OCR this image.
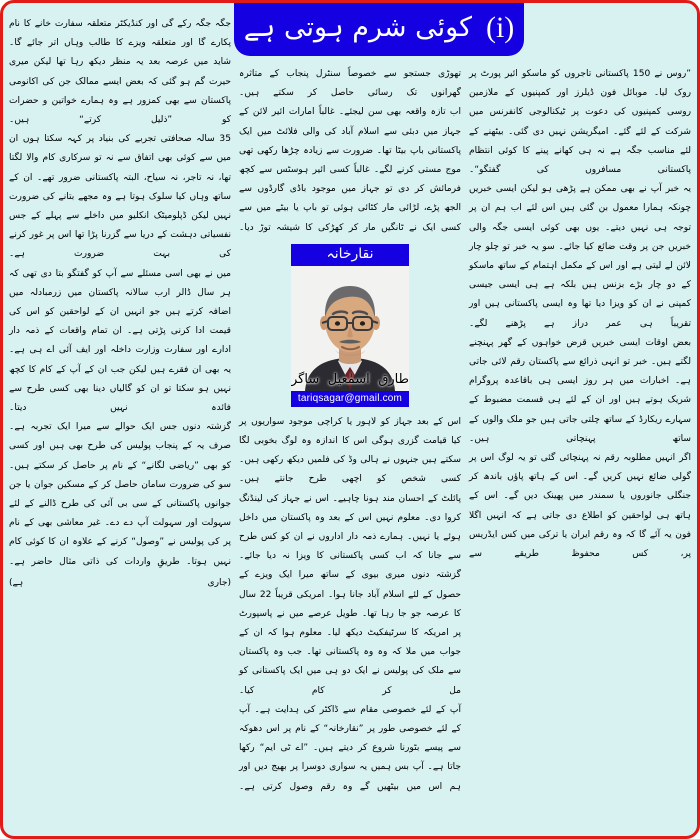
(i)
کوئی شرم ہوتی ہے

”روس نے 150 پاکستانی تاجروں کو ماسکو ائیر پورٹ پر روک لیا۔ موبائل فون ڈیلرز اور کمپنیوں کے ملازمین روسی کمپنیوں کی دعوت پر ٹیکنالوجی کانفرنس میں شرکت کے لئے گئے۔ امیگریشن نہیں دی گئی۔ بیٹھنے کے لئے مناسب جگہ ہے نہ ہی کھانے پینے کا کوئی انتظام پاکستانی مسافروں کی گفتگو“۔

یہ خبر آپ نے بھی ممکن ہے پڑھی ہو لیکن ایسی خبریں چونکہ ہمارا معمول بن گئی ہیں اس لئے اب ہم ان پر توجہ ہی نہیں دیتے۔ یوں بھی کوئی ایسی جگہ والی خبریں جن پر وقت ضائع کیا جائے۔ سو یہ خبر تو چلو چار لائن لے لیتی ہے اور اس کے مکمل اہتمام کے ساتھ ماسکو کے دو چار بڑے بزنس ہیں بلکہ ہے ہی ایسی جیسی کمپنی نے ان کو ویزا دیا تھا وہ ایسی پاکستانی ہیں اور تقریباً ہی عمر دراز ہے پڑھنے لگے۔

بعض اوقات ایسی خبریں قرض خواہوں کے گھر پہنچنے لگتے ہیں۔ خبر تو انہی ذرائع سے پاکستان رقم لائی جاتی ہے۔ اخبارات میں ہر روز ایسی ہی باقاعدہ پروگرام شریک ہوتے ہیں اور ان کے لئے ہی قسمت مضبوط کے سہارے ریکارڈ کے ساتھ چلتی جاتی ہیں جو ملک والوں کے ساتھ پہنچاتی ہیں۔

اگر انہیں مطلوبہ رقم نہ پہنچائی گئی تو یہ لوگ اس پر گولی ضائع نہیں کریں گے۔ اس کے ہاتھ پاؤں باندھ کر جنگلی جانوروں یا سمندر میں پھینک دیں گے۔ اس کے ہاتھ ہی لواحقین کو اطلاع دی جاتی ہے کہ انہیں اگلا فون یہ آئے گا کہ وہ رقم ایران یا ترکی میں کس ایڈریس پر، کس محفوظ طریقے سے

تھوڑی جستجو سے خصوصاً سنٹرل پنجاب کے متاثرہ گھرانوں تک رسائی حاصل کر سکتے ہیں۔

اب تازہ واقعہ بھی سن لیجئے۔ غالباً امارات ائیر لائن کے جہاز میں دبئی سے اسلام آباد کی والی فلائٹ میں ایک پاکستانی باپ بیٹا تھا۔ ضرورت سے زیادہ چڑھا رکھی تھی موج مستی کرنے لگے۔ غالباً کسی ائیر ہوسٹس سے کچھ فرمائش کر دی تو جہاز میں موجود باڈی گارڈوں سے الجھ پڑے، لڑائی مار کٹائی ہوئی تو باپ یا بیٹے میں سے کسی ایک نے ٹانگیں مار کر کھڑکی کا شیشہ توڑ دیا۔

نقارخانہ
طارق اسمٰعیل ساگر
tariqsagar@gmail.com

اس کے بعد جہاز کو لاہور یا کراچی موجود سواریوں پر کیا قیامت گزری ہوگی اس کا اندازہ وہ لوگ بخوبی لگا سکتے ہیں جنہوں نے ہالی وڈ کی فلمیں دیکھ رکھی ہیں۔ کسی شخص کو اچھی طرح جانتے ہیں۔

پائلٹ کے احسان مند ہونا چاہیے۔ اس نے جہاز کی لینڈنگ کروا دی۔ معلوم نہیں اس کے بعد وہ پاکستان میں داخل ہوئے یا نہیں۔ ہمارے ذمہ دار اداروں نے ان کو کس طرح سے جانا کہ اب کسی پاکستانی کا ویزا نہ دیا جائے۔

گزشتہ دنوں میری بیوی کے ساتھ میرا ایک ویزے کے حصول کے لئے اسلام آباد جانا ہوا۔ امریکی قریباً 22 سال کا عرصہ جو جا رہا تھا۔ طویل عرصے میں نے پاسپورٹ پر امریکہ کا سرٹیفکیٹ دیکھ لیا۔ معلوم ہوا کہ ان کے جواب میں ملا کہ وہ وہ پاکستانی تھا۔ جب وہ پاکستان سے ملک کی پولیس نے ایک دو ہی میں ایک پاکستانی کو مل کر کام کیا۔

آپ کے لئے خصوصی مقام سے ڈاکٹر کی ہدایت ہے۔ آپ کے لئے خصوصی طور پر ”نقارخانہ“ کے نام پر اس دھوکہ سے پیسے بٹورنا شروع کر دیتے ہیں۔ ”اے ٹی ایم“ رکھا جاتا ہے۔ آپ بس ہمیں یہ سواری دوسرا پر بھیج دیں اور ہم اس میں بیٹھیں گے وہ رقم وصول کرتی ہے۔

جگہ جگہ رکے گی اور کنڈیکٹر متعلقہ سفارت خانے کا نام پکارے گا اور متعلقہ ویزے کا طالب وہاں اتر جائے گا۔ شاید میں عرصہ بعد یہ منظر دیکھ رہا تھا لیکن میری حیرت گم ہو گئی کہ بعض ایسے ممالک جن کی اکانومی پاکستان سے بھی کمزور ہے وہ ہمارے خواتین و حضرات کو ”ذلیل کرتے“ ہیں۔

35 سالہ صحافتی تجربے کی بنیاد پر کہہ سکتا ہوں ان میں سے کوئی بھی اتفاق سے نہ تو سرکاری کام والا لگتا تھا، نہ تاجر، نہ سیاح، البتہ پاکستانی ضرور تھے۔ ان کے ساتھ وہاں کیا سلوک ہوتا ہے وہ مجھے بتانے کی ضرورت نہیں لیکن ڈپلومیٹک انکلیو میں داخلے سے پہلے کے جس نفسیاتی دہشت کے دریا سے گزرنا پڑا تھا اس پر غور کرنے کی بہت ضرورت ہے۔

میں نے بھی اسی مسئلے سے آپ کو گفتگو بتا دی تھی کہ ہر سال ڈالر ارب سالانہ پاکستان میں زرمبادلہ میں اضافہ کرتے ہیں جو انہیں ان کے لواحقین کو اس کی قیمت ادا کرنی پڑتی ہے۔ ان تمام واقعات کے ذمہ دار ادارے اور سفارت وزارت داخلہ اور ایف آئی اے ہی ہے۔ یہ بھی ان فقرے ہیں لیکن جب ان کے آپ کے کام کا کچھ نہیں ہو سکتا تو ان کو گالیاں دینا بھی کسی طرح سے فائدہ نہیں دیتا۔

گزشتہ دنوں جس ایک حوالے سے میرا ایک تجربہ ہے۔ صرف یہ کے پنجاب پولیس کی طرح بھی ہیں اور کسی کو بھی ”ریاضی لگانے“ کے نام پر حاصل کر سکتے ہیں۔ سو کی ضرورت سامان حاصل کر کے مسکین جوان یا جن جوانوں پاکستانی کے سی بی آئی کی طرح ڈالنے کے لئے سہولت اور سہولت آپ دے دے۔ غیر معاشی بھی کے نام پر کی پولیس نے ”وصول“ کرنے کے علاوہ ان کا کوئی کام نہیں ہوتا۔ طریقِ واردات کی ذاتی مثال حاضر ہے۔

(جاری ہے)
